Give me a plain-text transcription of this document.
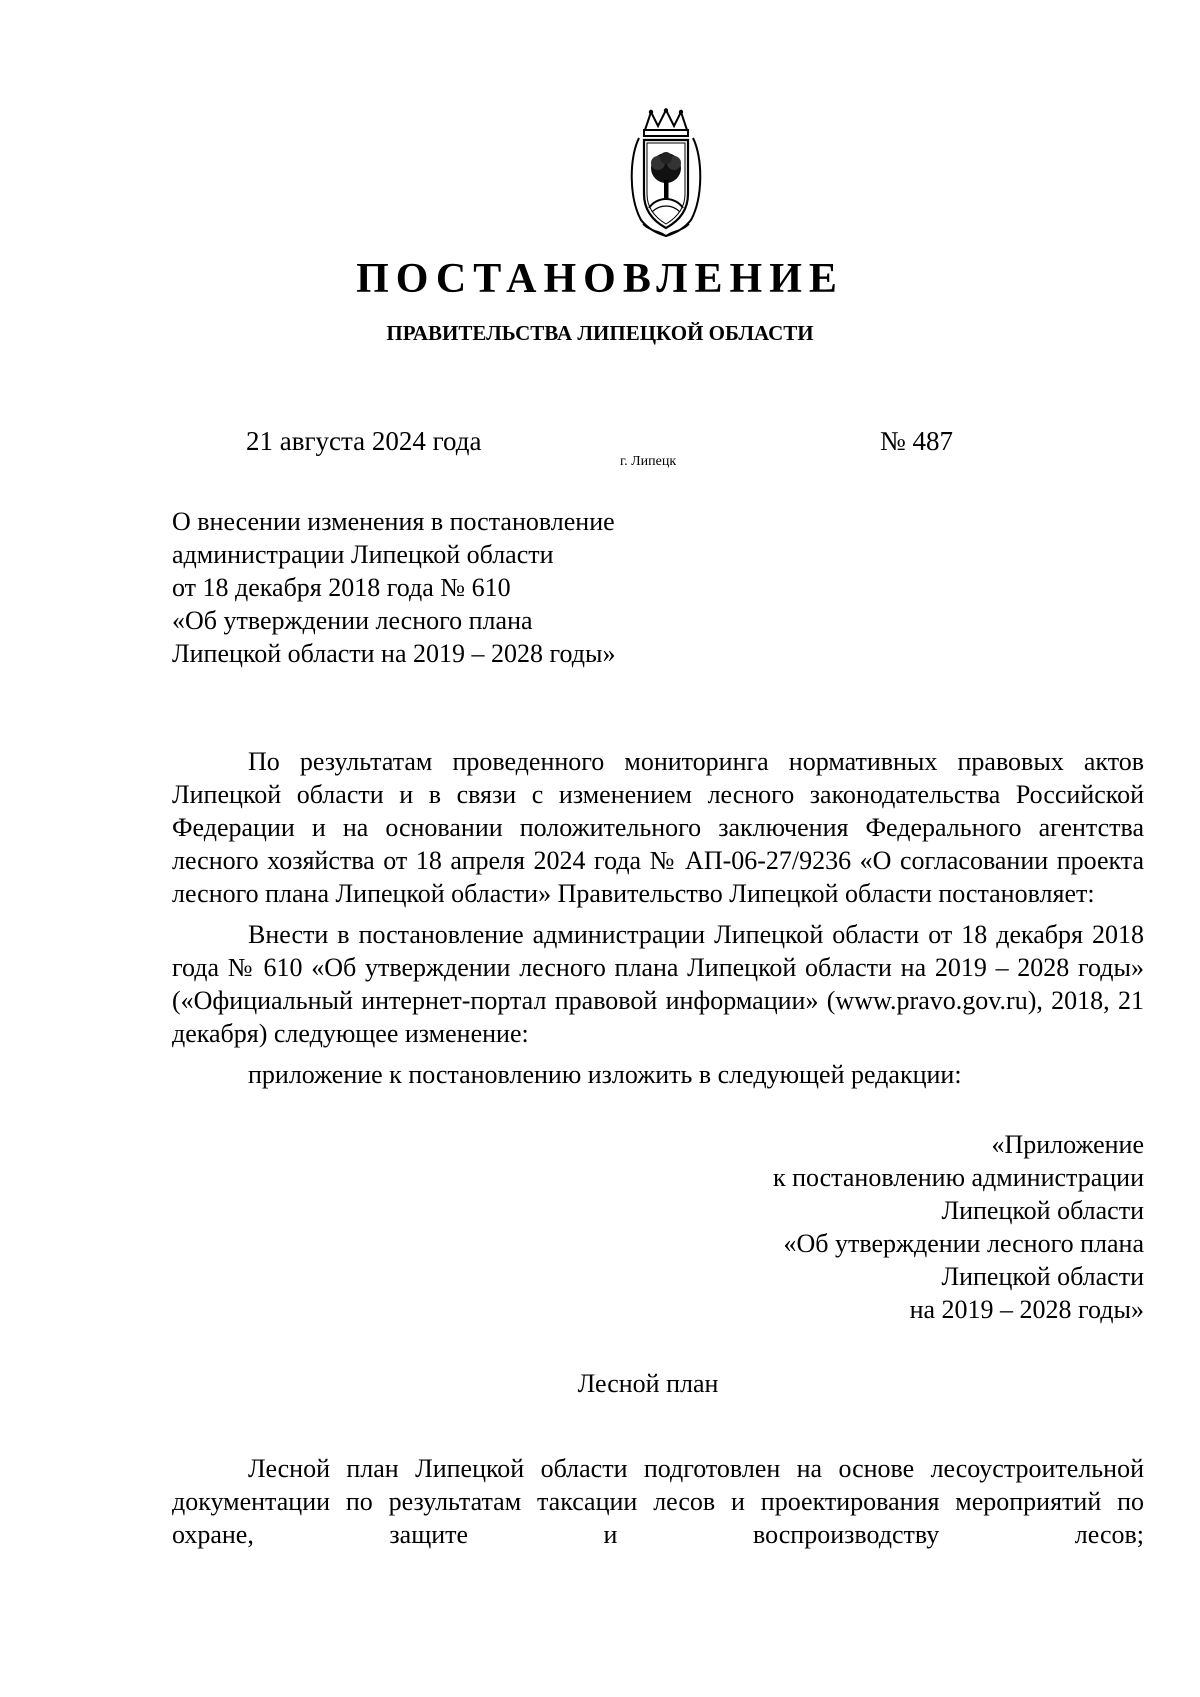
ПОСТАНОВЛЕНИЕ
ПРАВИТЕЛЬСТВА ЛИПЕЦКОЙ ОБЛАСТИ
21 августа 2024 года
г. Липецк
№ 487
О внесении изменения в постановление
администрации Липецкой области
от 18 декабря 2018 года № 610
«Об утверждении лесного плана
Липецкой области на 2019 – 2028 годы»

По результатам проведенного мониторинга нормативных правовых актов Липецкой области и в связи с изменением лесного законодательства Российской Федерации и на основании положительного заключения Федерального агентства лесного хозяйства от 18 апреля 2024 года № АП-06-27/9236 «О согласовании проекта лесного плана Липецкой области» Правительство Липецкой области постановляет:

Внести в постановление администрации Липецкой области от 18 декабря 2018 года № 610 «Об утверждении лесного плана Липецкой области на 2019 – 2028 годы» («Официальный интернет-портал правовой информации» (www.pravo.gov.ru), 2018, 21 декабря) следующее изменение:

приложение к постановлению изложить в следующей редакции:

«Приложение
к постановлению администрации
Липецкой области
«Об утверждении лесного плана
Липецкой области
на 2019 – 2028 годы»
Лесной план
Лесной план Липецкой области подготовлен на основе лесоустроительной документации по результатам таксации лесов и проектирования мероприятий по охране, защите и воспроизводству лесов;
